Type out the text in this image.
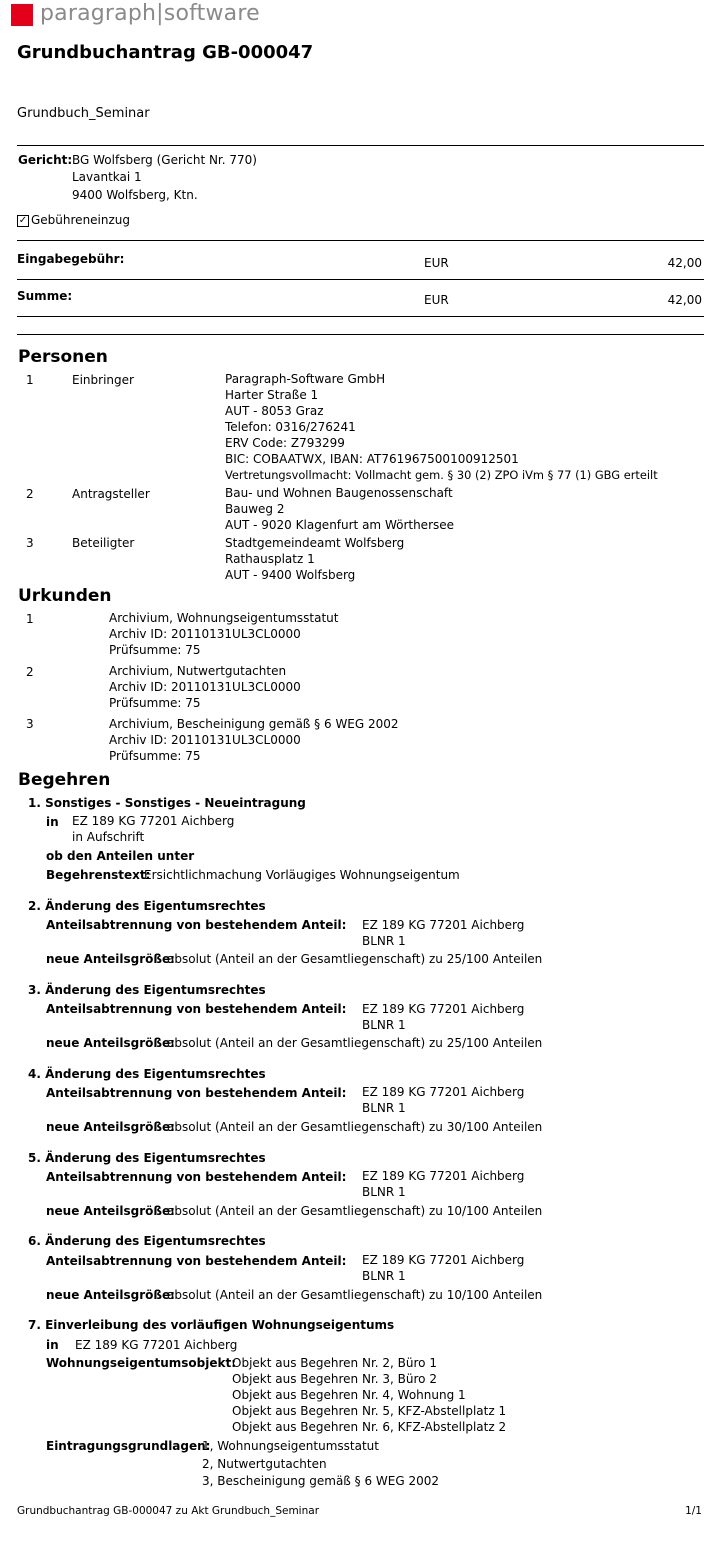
paragraph|software
Grundbuchantrag GB-000047
Grundbuch_Seminar
Gericht: BG Wolfsberg (Gericht Nr. 770)
Lavantkai 1
9400 Wolfsberg, Ktn.
✓ Gebühreneinzug
Eingabegebühr:	EUR	42,00
Summe:	EUR	42,00
Personen
1	Einbringer	Paragraph-Software GmbH
Harter Straße 1
AUT - 8053 Graz
Telefon: 0316/276241
ERV Code: Z793299
BIC: COBAATWX, IBAN: AT761967500100912501
Vertretungsvollmacht: Vollmacht gem. § 30 (2) ZPO iVm § 77 (1) GBG erteilt
2	Antragsteller	Bau- und Wohnen Baugenossenschaft
Bauweg 2
AUT - 9020 Klagenfurt am Wörthersee
3	Beteiligter	Stadtgemeindeamt Wolfsberg
Rathausplatz 1
AUT - 9400 Wolfsberg
Urkunden
1	Archivium, Wohnungseigentumsstatut
Archiv ID: 20110131UL3CL0000
Prüfsumme: 75
2	Archivium, Nutwertgutachten
Archiv ID: 20110131UL3CL0000
Prüfsumme: 75
3	Archivium, Bescheinigung gemäß § 6 WEG 2002
Archiv ID: 20110131UL3CL0000
Prüfsumme: 75
Begehren
1. Sonstiges - Sonstiges - Neueintragung
in EZ 189 KG 77201 Aichberg
in Aufschrift
ob den Anteilen unter
Begehrenstext:
Ersichtlichmachung Vorläugiges Wohnungseigentum
2. Änderung des Eigentumsrechtes
Anteilsabtrennung von bestehendem Anteil: EZ 189 KG 77201 Aichberg
BLNR 1
neue Anteilsgröße:
absolut (Anteil an der Gesamtliegenschaft) zu 25/100 Anteilen
3. Änderung des Eigentumsrechtes
Anteilsabtrennung von bestehendem Anteil: EZ 189 KG 77201 Aichberg
BLNR 1
neue Anteilsgröße:
absolut (Anteil an der Gesamtliegenschaft) zu 25/100 Anteilen
4. Änderung des Eigentumsrechtes
Anteilsabtrennung von bestehendem Anteil: EZ 189 KG 77201 Aichberg
BLNR 1
neue Anteilsgröße:
absolut (Anteil an der Gesamtliegenschaft) zu 30/100 Anteilen
5. Änderung des Eigentumsrechtes
Anteilsabtrennung von bestehendem Anteil: EZ 189 KG 77201 Aichberg
BLNR 1
neue Anteilsgröße:
absolut (Anteil an der Gesamtliegenschaft) zu 10/100 Anteilen
6. Änderung des Eigentumsrechtes
Anteilsabtrennung von bestehendem Anteil: EZ 189 KG 77201 Aichberg
BLNR 1
neue Anteilsgröße:
absolut (Anteil an der Gesamtliegenschaft) zu 10/100 Anteilen
7. Einverleibung des vorläufigen Wohnungseigentums
in EZ 189 KG 77201 Aichberg
Wohnungseigentumsobjekt:
Objekt aus Begehren Nr. 2, Büro 1
Objekt aus Begehren Nr. 3, Büro 2
Objekt aus Begehren Nr. 4, Wohnung 1
Objekt aus Begehren Nr. 5, KFZ-Abstellplatz 1
Objekt aus Begehren Nr. 6, KFZ-Abstellplatz 2
Eintragungsgrundlagen:
1, Wohnungseigentumsstatut
2, Nutwertgutachten
3, Bescheinigung gemäß § 6 WEG 2002
Grundbuchantrag GB-000047 zu Akt Grundbuch_Seminar	1/1
